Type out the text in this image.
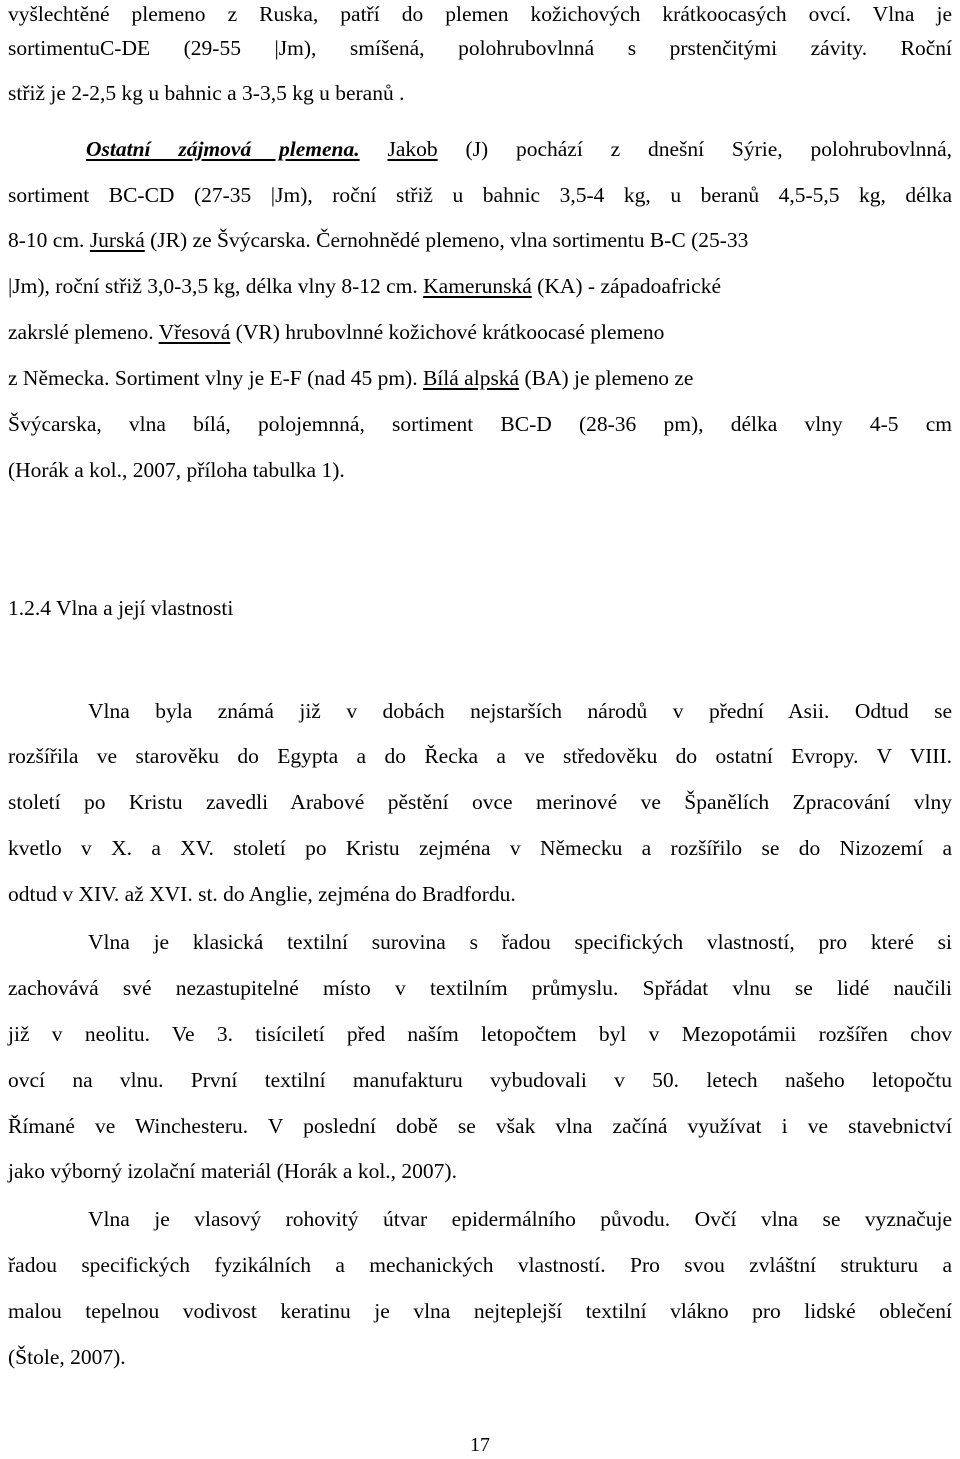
vyšlechtěné plemeno z Ruska, patří do plemen kožichových krátkoocasých ovcí. Vlna je
sortimentuC-DE (29-55 |Jm), smíšená, polohrubovlnná s prstenčitými závity. Roční
střiž je 2-2,5 kg u bahnic a 3-3,5 kg u beranů .
Ostatní zájmová plemena. Jakob (J) pochází z dnešní Sýrie, polohrubovlnná,
sortiment BC-CD (27-35 |Jm), roční střiž u bahnic 3,5-4 kg, u beranů 4,5-5,5 kg, délka
8-10 cm. Jurská (JR) ze Švýcarska. Černohnědé plemeno, vlna sortimentu B-C (25-33
|Jm), roční střiž 3,0-3,5 kg, délka vlny 8-12 cm. Kamerunská (KA) - západoafrické
zakrslé plemeno. Vřesová (VR) hrubovlnné kožichové krátkoocasé plemeno
z Německa. Sortiment vlny je E-F (nad 45 pm). Bílá alpská (BA) je plemeno ze
Švýcarska, vlna bílá, polojemnná, sortiment BC-D (28-36 pm), délka vlny 4-5 cm
(Horák a kol., 2007, příloha tabulka 1).
1.2.4 Vlna a její vlastnosti
Vlna byla známá již v dobách nejstarších národů v přední Asii. Odtud se
rozšířila ve starověku do Egypta a do Řecka a ve středověku do ostatní Evropy. V VIII.
století po Kristu zavedli Arabové pěstění ovce merinové ve Španělích Zpracování vlny
kvetlo v X. a XV. století po Kristu zejména v Německu a rozšířilo se do Nizozemí a
odtud v XIV. až XVI. st. do Anglie, zejména do Bradfordu.
Vlna je klasická textilní surovina s řadou specifických vlastností, pro které si
zachovává své nezastupitelné místo v textilním průmyslu. Spřádat vlnu se lidé naučili
již v neolitu. Ve 3. tisíciletí před naším letopočtem byl v Mezopotámii rozšířen chov
ovcí na vlnu. První textilní manufakturu vybudovali v 50. letech našeho letopočtu
Římané ve Winchesteru. V poslední době se však vlna začíná využívat i ve stavebnictví
jako výborný izolační materiál (Horák a kol., 2007).
Vlna je vlasový rohovitý útvar epidermálního původu. Ovčí vlna se vyznačuje
řadou specifických fyzikálních a mechanických vlastností. Pro svou zvláštní strukturu a
malou tepelnou vodivost keratinu je vlna nejteplejší textilní vlákno pro lidské oblečení
(Štole, 2007).
17
